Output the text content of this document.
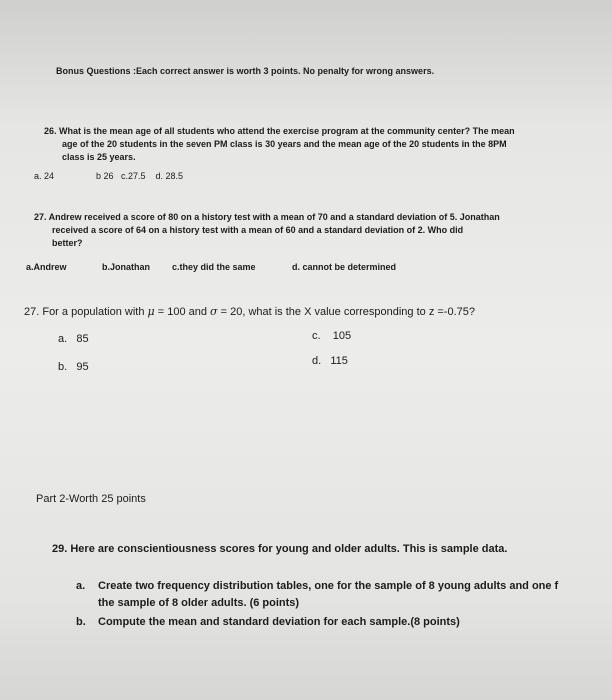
Bonus Questions :Each correct answer is worth 3 points. No penalty for wrong answers.
26. What is the mean age of all students who attend the exercise program at the community center? The mean
age of the 20 students in the seven PM class is 30 years and the mean age of the 20 students in the 8PM
class is 25 years.
a. 24	b 26   c.27.5    d. 28.5
27. Andrew received a score of 80 on a history test with a mean of 70 and a standard deviation of 5. Jonathan
received a score of 64 on a history test with a mean of 60 and a standard deviation of 2. Who did
better?
a.Andrew	b.Jonathan c.they did the same	d. cannot be determined
27. For a population with μ = 100 and σ = 20, what is the X value corresponding to z =-0.75?
a.   85
b.   95
c.    105
d.   115
Part 2-Worth 25 points
29. Here are conscientiousness scores for young and older adults. This is sample data.
a. Create two frequency distribution tables, one for the sample of 8 young adults and one f
the sample of 8 older adults. (6 points)
b. Compute the mean and standard deviation for each sample.(8 points)
